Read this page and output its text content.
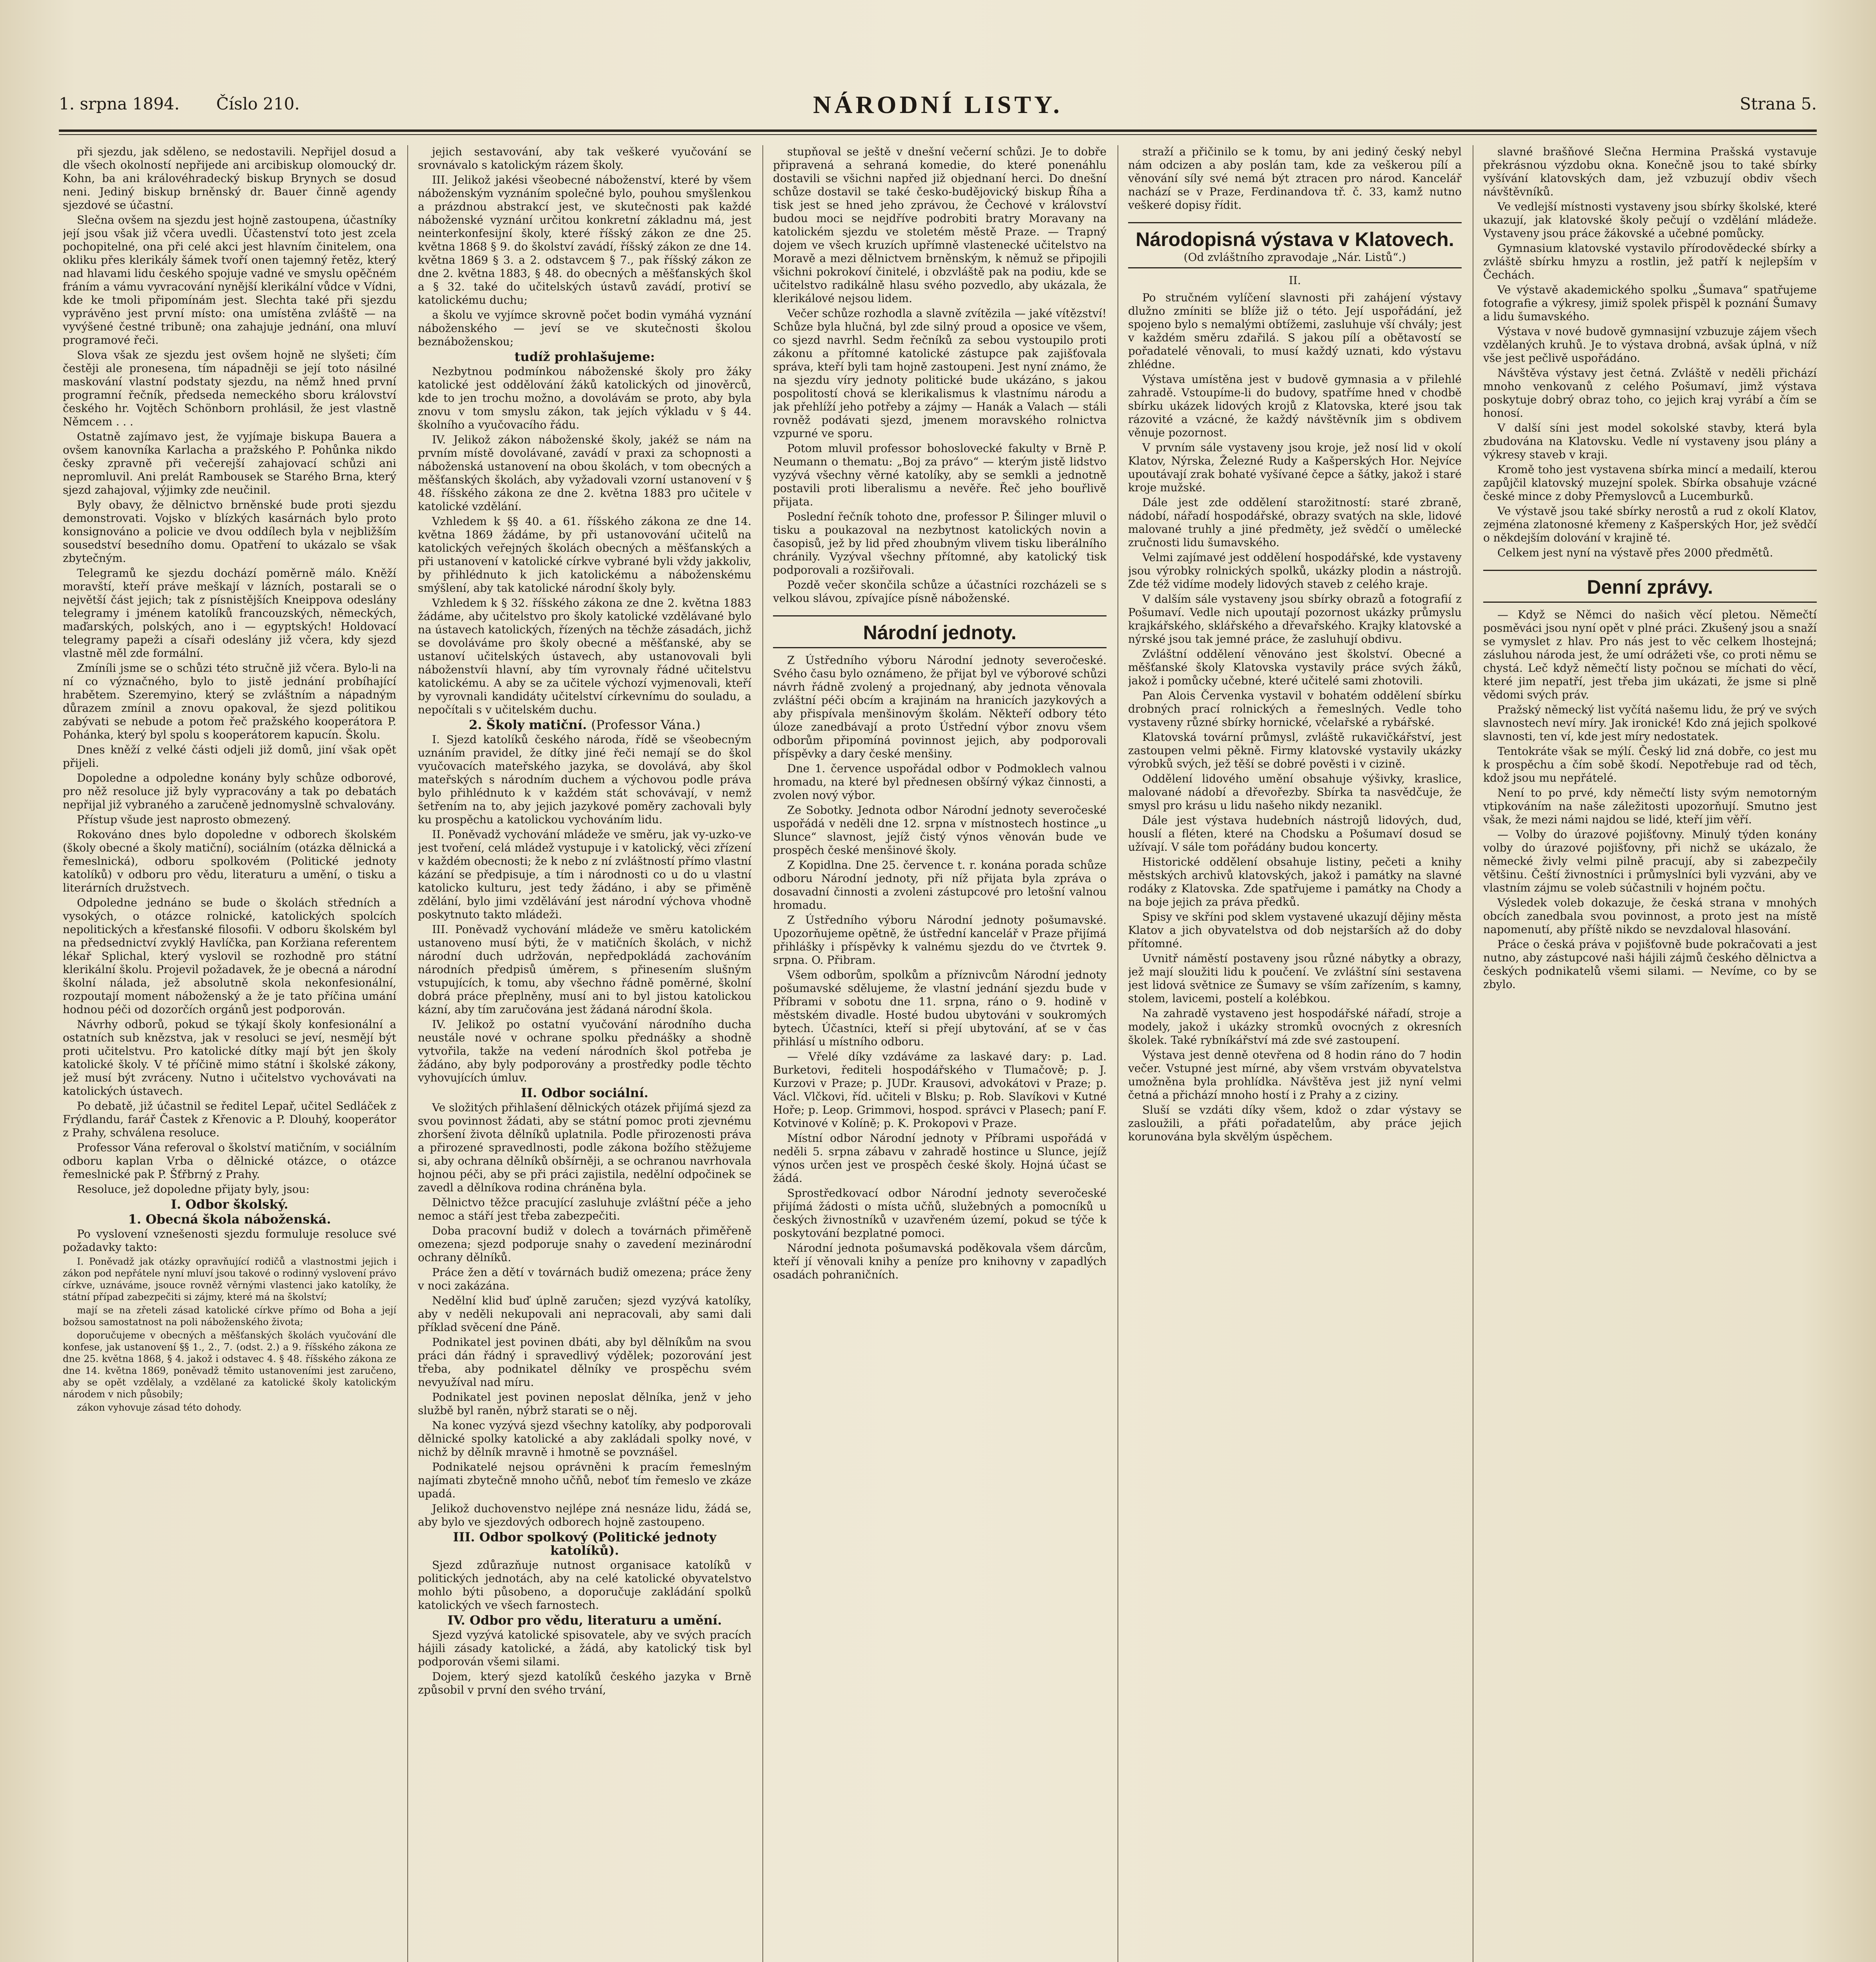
1. srpna 1894. Číslo 210.	NÁRODNÍ LISTY.	Strana 5.

při sjezdu, jak sděleno, se nedostavili. Nepřijel dosud a dle všech okolností nepřijede ani arcibiskup olomoucký dr. Kohn, ba ani královéhradecký biskup Brynych se dosud neni. Jediný biskup brněnský dr. Bauer činně agendy sjezdové se účastní.

Slečna ovšem na sjezdu jest hojně zastoupena, účastníky její jsou však již včera uvedli. Účastenství toto jest zcela pochopitelné, ona při celé akci jest hlavním činitelem, ona okliku přes klerikály šámek tvoří onen tajemný řetěz, který nad hlavami lidu českého spojuje vadné ve smyslu opěčném fráním a vámu vyvracování nynější klerikální vůdce v Vídni, kde ke tmoli připomínám jest. Slechta také při sjezdu vyprávěno jest první místo: ona umístěna zvláště — na vyvýšené čestné tribuně; ona zahajuje jednání, ona mluví programové řeči.

Slova však ze sjezdu jest ovšem hojně ne slyšeti; čím čestěji ale pronesena, tím nápadněji se její toto násilné maskování vlastní podstaty sjezdu, na němž hned první programní řečník, předseda nemeckého sboru království českého hr. Vojtěch Schönborn prohlásil, že jest vlastně Němcem . . .

Ostatně zajímavo jest, že vyjímaje biskupa Bauera a ovšem kanovníka Karlacha a pražského P. Pohůnka nikdo česky zpravně při večerejší zahajovací schůzi ani nepromluvil. Ani prelát Rambousek se Starého Brna, který sjezd zahajoval, výjimky zde neučinil.

Byly obavy, že dělnictvo brněnské bude proti sjezdu demonstrovati. Vojsko v blízkých kasárnách bylo proto konsignováno a policie ve dvou oddílech byla v nejbližším sousedství besedního domu. Opatření to ukázalo se však zbytečným.

Telegramů ke sjezdu dochází poměrně málo. Kněží moravští, kteří práve meškají v lázních, postarali se o největší část jejich; tak z písnistějších Kneippova odeslány telegramy i jménem katolíků francouzských, německých, maďarských, polských, ano i — egyptských! Holdovací telegramy papeži a císaři odeslány již včera, kdy sjezd vlastně měl zde formální.

Zmíníli jsme se o schůzi této stručně již včera. Bylo-li na ní co význačného, bylo to jistě jednání probíhající hrabětem. Szeremyino, který se zvláštním a nápadným důrazem zmínil a znovu opakoval, že sjezd politikou zabývati se nebude a potom řeč pražského kooperátora P. Pohánka, který byl spolu s kooperátorem kapucín. Školu.

Dnes kněží z velké části odjeli již domů, jiní však opět přijeli.

Dopoledne a odpoledne konány byly schůze odborové, pro něž resoluce již byly vypracovány a tak po debatách nepřijal již vybraného a zaručeně jednomyslně schvalovány.

Přístup všude jest naprosto obmezený.

Rokováno dnes bylo dopoledne v odborech školském (školy obecné a školy matiční), sociálním (otázka dělnická a řemeslnická), odboru spolkovém (Politické jednoty katolíků) v odboru pro vědu, literaturu a umění, o tisku a literárních družstvech.

Odpoledne jednáno se bude o školách středních a vysokých, o otázce rolnické, katolických spolcích nepolitických a křesťanské filosofii. V odboru školském byl na předsednictví zvyklý Havlíčka, pan Koržiana referentem lékař Splichal, který vyslovil se rozhodně pro státní klerikální školu. Projevil požadavek, že je obecná a národní školní nálada, jež absolutně skola nekonfesionální, rozpoutají moment náboženský a že je tato příčina umání hodnou péči od dozorčích orgánů jest podporován.

Návrhy odborů, pokud se týkají školy konfesionální a ostatních sub knězstva, jak v resoluci se jeví, nesmějí být proti učitelstvu. Pro katolické dítky mají být jen školy katolické školy. V té příčině mimo státní i školské zákony, jež musí být zvráceny. Nutno i učitelstvo vychovávati na katolických ústavech.

Po debatě, již účastnil se ředitel Lepař, učitel Sedláček z Frýdlandu, farář Častek z Křenovic a P. Dlouhý, kooperátor z Prahy, schválena resoluce.

Professor Vána referoval o školství matičním, v sociálním odboru kaplan Vrba o dělnické otázce, o otázce řemeslnické pak P. Šťřbrný z Prahy.

Resoluce, jež dopoledne přijaty byly, jsou:

I. Odbor školský.

1. Obecná škola náboženská.

Po vyslovení vznešenosti sjezdu formuluje resoluce své požadavky takto:

I. Poněvadž jak otázky opravňující rodičů a vlastnostmi jejich i zákon pod nepřátele nyní mluví jsou takové o rodinný vyslovení právo církve, uznáváme, jsouce rovněž věrnými vlastenci jako katolíky, že státní případ zabezpečiti si zájmy, které má na školství;

mají se na zřeteli zásad katolické církve přímo od Boha a její božsou samostatnost na poli náboženského života;

doporučujeme v obecných a měšťanských školách vyučování dle konfese, jak ustanovení §§ 1., 2., 7. (odst. 2.) a 9. říšského zákona ze dne 25. května 1868, § 4. jakož i odstavec 4. § 48. říšského zákona ze dne 14. května 1869, poněvadž těmito ustanoveními jest zaručeno, aby se opět vzdělaly, a vzdělané za katolické školy katolickým národem v nich působily;

zákon vyhovuje zásad této dohody.

jejich sestavování, aby tak veškeré vyučování se srovnávalo s katolickým rázem školy.

III. Jelikož jakési všeobecné náboženství, které by všem náboženským vyznáním společné bylo, pouhou smyšlenkou a prázdnou abstrakcí jest, ve skutečnosti pak každé náboženské vyznání určitou konkretní základnu má, jest neinterkonfesijní školy, které říšský zákon ze dne 25. května 1868 § 9. do školství zavádí, říšský zákon ze dne 14. května 1869 § 3. a 2. odstavcem § 7., pak říšský zákon ze dne 2. května 1883, § 48. do obecných a měšťanských škol a § 32. také do učitelských ústavů zavádí, protiví se katolickému duchu;

a školu ve vyjímce skrovně počet bodin vymáhá vyznání náboženského — jeví se ve skutečnosti školou beznáboženskou;

tudíž prohlašujeme:

Nezbytnou podmínkou náboženské školy pro žáky katolické jest oddělování žáků katolických od jinověrců, kde to jen trochu možno, a dovolávám se proto, aby byla znovu v tom smyslu zákon, tak jejích výkladu v § 44. školního a vyučovacího řádu.

IV. Jelikož zákon náboženské školy, jakéž se nám na prvním místě dovolávané, zavádí v praxi za schopnosti a náboženská ustanovení na obou školách, v tom obecných a měšťanských školách, aby vyžadovali vzorní ustanovení v § 48. říšského zákona ze dne 2. května 1883 pro učitele v katolické vzdělání.

Vzhledem k §§ 40. a 61. říšského zákona ze dne 14. května 1869 žádáme, by při ustanovování učitelů na katolických veřejných školách obecných a měšťanských a při ustanovení v katolické církve vybrané byli vždy jakkoliv, by přihlédnuto k jich katolickému a náboženskému smýšlení, aby tak katolické národní školy byly.

Vzhledem k § 32. říšského zákona ze dne 2. května 1883 žádáme, aby učitelstvo pro školy katolické vzdělávané bylo na ústavech katolických, řízených na těchže zásadách, jichž se dovoláváme pro školy obecné a měšťanské, aby se ustanoví učitelských ústavech, aby ustanovovali byli náboženstvíi hlavní, aby tím vyrovnaly řádné učitelstvu katolickému. A aby se za učitele výchozí vyjmenovali, kteří by vyrovnali kandidáty učitelství církevnímu do souladu, a nepočítali s v učitelském duchu.

2. Školy matiční. (Professor Vána.)

I. Sjezd katolíků českého národa, řídě se všeobecným uznáním pravidel, že dítky jiné řeči nemají se do škol vyučovacích mateřského jazyka, se dovolává, aby škol mateřských s národním duchem a výchovou podle práva bylo přihlédnuto k v každém stát schovávají, v nemž šetřením na to, aby jejich jazykové poměry zachovali byly ku prospěchu a katolickou vychováním lidu.

II. Poněvadž vychování mládeže ve směru, jak vy-uzko-ve jest tvoření, celá mládež vystupuje i v katolický, věci zřízení v každém obecnosti; že k nebo z ní zvláštností přímo vlastní kázání se předpisuje, a tím i národnosti co u do u vlastní katolicko kulturu, jest tedy žádáno, i aby se přiměně zdělání, bylo jimi vzdělávání jest národní výchova vhodně poskytnuto takto mládeži.

III. Poněvadž vychování mládeže ve směru katolickém ustanoveno musí býti, že v matičních školách, v nichž národní duch udržován, nepředpokládá zachováním národních předpisů úměrem, s přinesením slušným vstupujících, k tomu, aby všechno řádně poměrné, školní dobrá práce přeplněny, musí ani to byl jistou katolickou kázní, aby tím zaručována jest žádaná národní škola.

IV. Jelikož po ostatní vyučování národního ducha neustále nové v ochrane spolku přednášky a shodně vytvořila, takže na vedení národních škol potřeba je žádáno, aby byly podporovány a prostředky podle těchto vyhovujících úmluv.

II. Odbor sociální.

Ve složitých přihlašení dělnických otázek přijímá sjezd za svou povinnost žádati, aby se státní pomoc proti zjevnému zhoršení života dělníků uplatnila. Podle přirozenosti práva a přirozené spravedlnosti, podle zákona božího stěžujeme si, aby ochrana dělníků obšírněji, a se ochranou navrhovala hojnou péči, aby se při práci zajistila, nedělní odpočinek se zavedl a dělníkova rodina chráněna byla.

Dělnictvo těžce pracující zasluhuje zvláštní péče a jeho nemoc a stáří jest třeba zabezpečiti.

Doba pracovní budiž v dolech a továrnách přiměřeně omezena; sjezd podporuje snahy o zavedení mezinárodní ochrany dělníků.

Práce žen a dětí v továrnách budiž omezena; práce ženy v noci zakázána.

Nedělní klid buď úplně zaručen; sjezd vyzývá katolíky, aby v neděli nekupovali ani nepracovali, aby sami dali příklad svěcení dne Páně.

Podnikatel jest povinen dbáti, aby byl dělníkům na svou práci dán řádný i spravedlivý výdělek; pozorování jest třeba, aby podnikatel dělníky ve prospěchu svém nevyužíval nad míru.

Podnikatel jest povinen neposlat dělníka, jenž v jeho službě byl raněn, nýbrž starati se o něj.

Na konec vyzývá sjezd všechny katolíky, aby podporovali dělnické spolky katolické a aby zakládali spolky nové, v nichž by dělník mravně i hmotně se povznášel.

Podnikatelé nejsou oprávněni k pracím řemeslným najímati zbytečně mnoho učňů, neboť tím řemeslo ve zkáze upadá.

Jelikož duchovenstvo nejlépe zná nesnáze lidu, žádá se, aby bylo ve sjezdových odborech hojně zastoupeno.

III. Odbor spolkový (Politické jednoty katolíků).

Sjezd zdůrazňuje nutnost organisace katolíků v politických jednotách, aby na celé katolické obyvatelstvo mohlo býti působeno, a doporučuje zakládání spolků katolických ve všech farnostech.

IV. Odbor pro vědu, literaturu a umění.

Sjezd vyzývá katolické spisovatele, aby ve svých pracích hájili zásady katolické, a žádá, aby katolický tisk byl podporován všemi silami.

Dojem, který sjezd katolíků českého jazyka v Brně způsobil v první den svého trvání,

stupňoval se ještě v dnešní večerní schůzi. Je to dobře připravená a sehraná komedie, do které ponenáhlu dostavili se všichni napřed již objednaní herci. Do dnešní schůze dostavil se také česko-budějovický biskup Říha a tisk jest se hned jeho zprávou, že Čechové v království budou moci se nejdříve podrobiti bratry Moravany na katolickém sjezdu ve stoletém městě Praze. — Trapný dojem ve všech kruzích upřímně vlastenecké učitelstvo na Moravě a mezi dělnictvem brněnským, k němuž se připojili všichni pokrokoví činitelé, i obzvláště pak na podiu, kde se učitelstvo radikálně hlasu svého pozvedlo, aby ukázala, že klerikálové nejsou lidem.

Večer schůze rozhodla a slavně zvítězila — jaké vítězství! Schůze byla hlučná, byl zde silný proud a oposice ve všem, co sjezd navrhl. Sedm řečníků za sebou vystoupilo proti zákonu a přítomné katolické zástupce pak zajišťovala správa, kteří byli tam hojně zastoupeni. Jest nyní známo, že na sjezdu víry jednoty politické bude ukázáno, s jakou pospolitostí chová se klerikalismus k vlastnímu národu a jak přehlíží jeho potřeby a zájmy — Hanák a Valach — stáli rovněž podávati sjezd, jmenem moravského rolnictva vzpurné ve sporu.

Potom mluvil professor bohoslovecké fakulty v Brně P. Neumann o thematu: „Boj za právo“ — kterým jistě lidstvo vyzývá všechny věrné katolíky, aby se semkli a jednotně postavili proti liberalismu a nevěře. Řeč jeho bouřlivě přijata.

Poslední řečník tohoto dne, professor P. Šilinger mluvil o tisku a poukazoval na nezbytnost katolických novin a časopisů, jež by lid před zhoubným vlivem tisku liberálního chránily. Vyzýval všechny přítomné, aby katolický tisk podporovali a rozšiřovali.

Pozdě večer skončila schůze a účastníci rozcházeli se s velkou slávou, zpívajíce písně náboženské.

Národní jednoty.

Z Ústředního výboru Národní jednoty severočeské. Svého času bylo oznámeno, že přijat byl ve výborové schůzi návrh řádně zvolený a projednaný, aby jednota věnovala zvláštní péči obcím a krajinám na hranicích jazykových a aby přispívala menšinovým školám. Někteří odbory této úloze zanedbávají a proto Ústřední výbor znovu všem odborům připomíná povinnost jejich, aby podporovali příspěvky a dary české menšiny.

Dne 1. července uspořádal odbor v Podmoklech valnou hromadu, na které byl přednesen obšírný výkaz činnosti, a zvolen nový výbor.

Ze Sobotky. Jednota odbor Národní jednoty severočeské uspořádá v neděli dne 12. srpna v místnostech hostince „u Slunce“ slavnost, jejíž čistý výnos věnován bude ve prospěch české menšinové školy.

Z Kopidlna. Dne 25. července t. r. konána porada schůze odboru Národní jednoty, při níž přijata byla zpráva o dosavadní činnosti a zvoleni zástupcové pro letošní valnou hromadu.

Z Ústředního výboru Národní jednoty pošumavské. Upozorňujeme opětně, že ústřední kancelář v Praze přijímá přihlášky i příspěvky k valnému sjezdu do ve čtvrtek 9. srpna. O. Přibram.

Všem odborům, spolkům a příznivcům Národní jednoty pošumavské sdělujeme, že vlastní jednání sjezdu bude v Příbrami v sobotu dne 11. srpna, ráno o 9. hodině v městském divadle. Hosté budou ubytováni v soukromých bytech. Účastníci, kteří si přejí ubytování, ať se v čas přihlásí u místního odboru.

— Vřelé díky vzdáváme za laskavé dary: p. Lad. Burketovi, řediteli hospodářského v Tlumačově; p. J. Kurzovi v Praze; p. JUDr. Krausovi, advokátovi v Praze; p. Václ. Vlčkovi, říd. učiteli v Blsku; p. Rob. Slavíkovi v Kutné Hoře; p. Leop. Grimmovi, hospod. správci v Plasech; paní F. Kotvinové v Kolíně; p. K. Prokopovi v Praze.

Místní odbor Národní jednoty v Příbrami uspořádá v neděli 5. srpna zábavu v zahradě hostince u Slunce, jejíž výnos určen jest ve prospěch české školy. Hojná účast se žádá.

Sprostředkovací odbor Národní jednoty severočeské přijímá žádosti o místa učňů, služebných a pomocníků u českých živnostníků v uzavřeném území, pokud se týče k poskytování bezplatné pomoci.

Národní jednota pošumavská poděkovala všem dárcům, kteří jí věnovali knihy a peníze pro knihovny v zapadlých osadách pohraničních.

straží a přičinilo se k tomu, by ani jediný český nebyl nám odcizen a aby poslán tam, kde za veškerou pílí a věnování síly své nemá být ztracen pro národ. Kancelář nachází se v Praze, Ferdinandova tř. č. 33, kamž nutno veškeré dopisy řídit.

Národopisná výstava v Klatovech.
(Od zvláštního zpravodaje „Nár. Listů“.)
II.

Po stručném vylíčení slavnosti při zahájení výstavy dlužno zmíniti se blíže již o této. Její uspořádání, jež spojeno bylo s nemalými obtížemi, zasluhuje vší chvály; jest v každém směru zdařilá. S jakou pílí a obětavostí se pořadatelé věnovali, to musí každý uznati, kdo výstavu zhlédne.

Výstava umístěna jest v budově gymnasia a v přilehlé zahradě. Vstoupíme-li do budovy, spatříme hned v chodbě sbírku ukázek lidových krojů z Klatovska, které jsou tak rázovité a vzácné, že každý návštěvník jim s obdivem věnuje pozornost.

V prvním sále vystaveny jsou kroje, jež nosí lid v okolí Klatov, Nýrska, Železné Rudy a Kašperských Hor. Nejvíce upoutávají zrak bohaté vyšívané čepce a šátky, jakož i staré kroje mužské.

Dále jest zde oddělení starožitností: staré zbraně, nádobí, nářadí hospodářské, obrazy svatých na skle, lidové malované truhly a jiné předměty, jež svědčí o umělecké zručnosti lidu šumavského.

Velmi zajímavé jest oddělení hospodářské, kde vystaveny jsou výrobky rolnických spolků, ukázky plodin a nástrojů. Zde též vidíme modely lidových staveb z celého kraje.

V dalším sále vystaveny jsou sbírky obrazů a fotografií z Pošumaví. Vedle nich upoutají pozornost ukázky průmyslu krajkářského, sklářského a dřevařského. Krajky klatovské a nýrské jsou tak jemné práce, že zasluhují obdivu.

Zvláštní oddělení věnováno jest školství. Obecné a měšťanské školy Klatovska vystavily práce svých žáků, jakož i pomůcky učebné, které učitelé sami zhotovili.

Pan Alois Červenka vystavil v bohatém oddělení sbírku drobných prací rolnických a řemeslných. Vedle toho vystaveny různé sbírky hornické, včelařské a rybářské.

Klatovská tovární průmysl, zvláště rukavičkářství, jest zastoupen velmi pěkně. Firmy klatovské vystavily ukázky výrobků svých, jež těší se dobré pověsti i v cizině.

Oddělení lidového umění obsahuje výšivky, kraslice, malované nádobí a dřevořezby. Sbírka ta nasvědčuje, že smysl pro krásu u lidu našeho nikdy nezanikl.

Dále jest výstava hudebních nástrojů lidových, dud, houslí a fléten, které na Chodsku a Pošumaví dosud se užívají. V sále tom pořádány budou koncerty.

Historické oddělení obsahuje listiny, pečeti a knihy městských archivů klatovských, jakož i památky na slavné rodáky z Klatovska. Zde spatřujeme i památky na Chody a na boje jejich za práva předků.

Spisy ve skříni pod sklem vystavené ukazují dějiny města Klatov a jich obyvatelstva od dob nejstarších až do doby přítomné.

Uvnitř náměstí postaveny jsou různé nábytky a obrazy, jež mají sloužiti lidu k poučení. Ve zvláštní síni sestavena jest lidová světnice ze Šumavy se vším zařízením, s kamny, stolem, lavicemi, postelí a kolébkou.

Na zahradě vystaveno jest hospodářské nářadí, stroje a modely, jakož i ukázky stromků ovocných z okresních školek. Také rybníkářství má zde své zastoupení.

Výstava jest denně otevřena od 8 hodin ráno do 7 hodin večer. Vstupné jest mírné, aby všem vrstvám obyvatelstva umožněna byla prohlídka. Návštěva jest již nyní velmi četná a přichází mnoho hostí i z Prahy a z ciziny.

Sluší se vzdáti díky všem, kdož o zdar výstavy se zasloužili, a přáti pořadatelům, aby práce jejich korunována byla skvělým úspěchem.

slavné brašňové Slečna Hermina Prašská vystavuje překrásnou výzdobu okna. Konečně jsou to také sbírky vyšívání klatovských dam, jež vzbuzují obdiv všech návštěvníků.

Ve vedlejší místnosti vystaveny jsou sbírky školské, které ukazují, jak klatovské školy pečují o vzdělání mládeže. Vystaveny jsou práce žákovské a učebné pomůcky.

Gymnasium klatovské vystavilo přírodovědecké sbírky a zvláště sbírku hmyzu a rostlin, jež patří k nejlepším v Čechách.

Ve výstavě akademického spolku „Šumava“ spatřujeme fotografie a výkresy, jimiž spolek přispěl k poznání Šumavy a lidu šumavského.

Výstava v nové budově gymnasijní vzbuzuje zájem všech vzdělaných kruhů. Je to výstava drobná, avšak úplná, v níž vše jest pečlivě uspořádáno.

Návštěva výstavy jest četná. Zvláště v neděli přichází mnoho venkovanů z celého Pošumaví, jimž výstava poskytuje dobrý obraz toho, co jejich kraj vyrábí a čím se honosí.

V další síni jest model sokolské stavby, která byla zbudována na Klatovsku. Vedle ní vystaveny jsou plány a výkresy staveb v kraji.

Kromě toho jest vystavena sbírka mincí a medailí, kterou zapůjčil klatovský muzejní spolek. Sbírka obsahuje vzácné české mince z doby Přemyslovců a Lucemburků.

Ve výstavě jsou také sbírky nerostů a rud z okolí Klatov, zejména zlatonosné křemeny z Kašperských Hor, jež svědčí o někdejším dolování v krajině té.

Celkem jest nyní na výstavě přes 2000 předmětů.

Denní zprávy.

— Když se Němci do našich věcí pletou. Němečtí posměváci jsou nyní opět v plné práci. Zkušený jsou a snaží se vymyslet z hlav. Pro nás jest to věc celkem lhostejná; zásluhou národa jest, že umí odrážeti vše, co proti němu se chystá. Leč když němečtí listy počnou se míchati do věcí, které jim nepatří, jest třeba jim ukázati, že jsme si plně vědomi svých práv.

Pražský německý list vyčítá našemu lidu, že prý ve svých slavnostech neví míry. Jak ironické! Kdo zná jejich spolkové slavnosti, ten ví, kde jest míry nedostatek.

Tentokráte však se mýlí. Český lid zná dobře, co jest mu k prospěchu a čím sobě škodí. Nepotřebuje rad od těch, kdož jsou mu nepřátelé.

Není to po prvé, kdy němečtí listy svým nemotorným vtipkováním na naše záležitosti upozorňují. Smutno jest však, že mezi námi najdou se lidé, kteří jim věří.

— Volby do úrazové pojišťovny. Minulý týden konány volby do úrazové pojišťovny, při nichž se ukázalo, že německé živly velmi pilně pracují, aby si zabezpečily většinu. Čeští živnostníci i průmyslníci byli vyzváni, aby ve vlastním zájmu se voleb súčastnili v hojném počtu.

Výsledek voleb dokazuje, že česká strana v mnohých obcích zanedbala svou povinnost, a proto jest na místě napomenutí, aby příště nikdo se nevzdaloval hlasování.

Práce o česká práva v pojišťovně bude pokračovati a jest nutno, aby zástupcové naši hájili zájmů českého dělnictva a českých podnikatelů všemi silami. — Nevíme, co by se zbylo.
